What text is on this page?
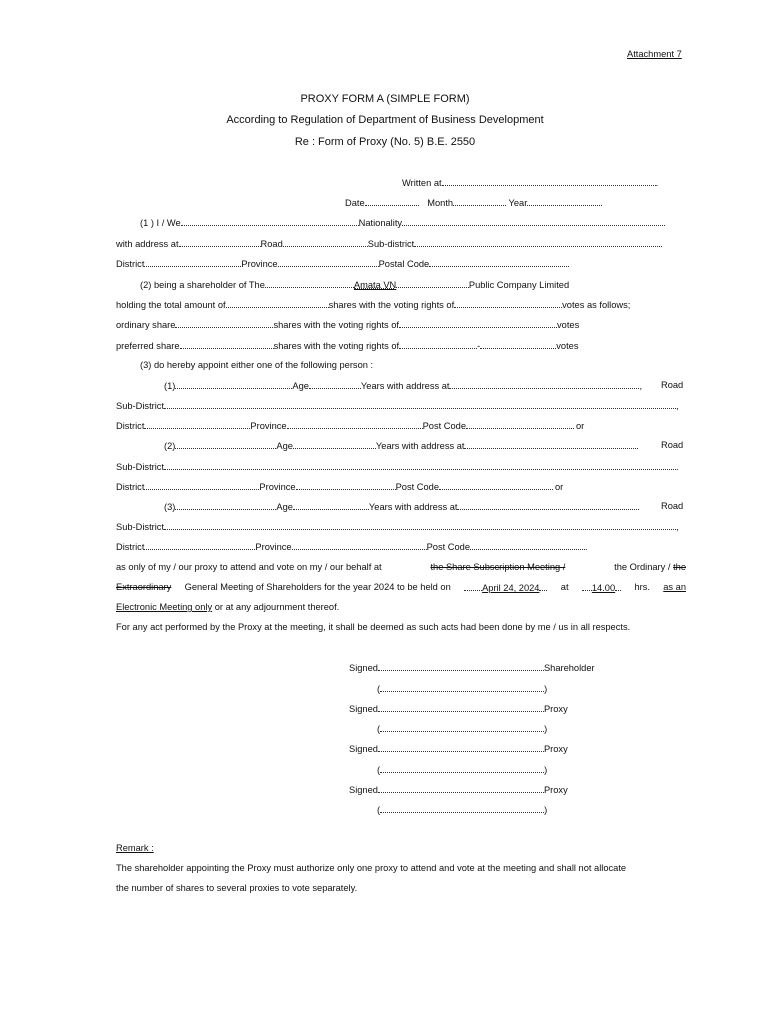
Attachment 7
PROXY FORM A (SIMPLE FORM)
According to Regulation of Department of Business Development
Re : Form of Proxy (No. 5) B.E. 2550
Written at	.
Date	Month	Year	.
(1 ) I / We	Nationality	.
with address at	Road	Sub-district	.
District	Province	Postal Code	.
(2) being a shareholder of The	Amata VN	Public Company Limited
holding the total amount of	shares with the voting rights of	votes as follows;
ordinary share	shares with the voting rights of	votes
preferred share	shares with the voting rights of	-	votes
(3) do hereby appoint either one of the following person :
(1)	Age	Years with address at	, Road
Sub-District	,
District	Province	Post Code	or
(2)	Age	Years with address at	Road
Sub-District	.
District	Province	Post Code	or
(3)	Age	Years with address at	Road
Sub-District	,
District	Province	Post Code	.
as only of my / our proxy to attend and vote on my / our behalf at	the Share Subscription Meeting /	the Ordinary / the
Extraordinary General Meeting of Shareholders for the year 2024 to be held on	April 24, 2024	at	14.00	hrs. as an
Electronic Meeting only or at any adjournment thereof.
For any act performed by the Proxy at the meeting, it shall be deemed as such acts had been done by me / us in all respects.
Signed	Shareholder
(	)
Signed	Proxy
(	)
Signed	Proxy
(	)
Signed	Proxy
(	)
Remark :
The shareholder appointing the Proxy must authorize only one proxy to attend and vote at the meeting and shall not allocate
the number of shares to several proxies to vote separately.
